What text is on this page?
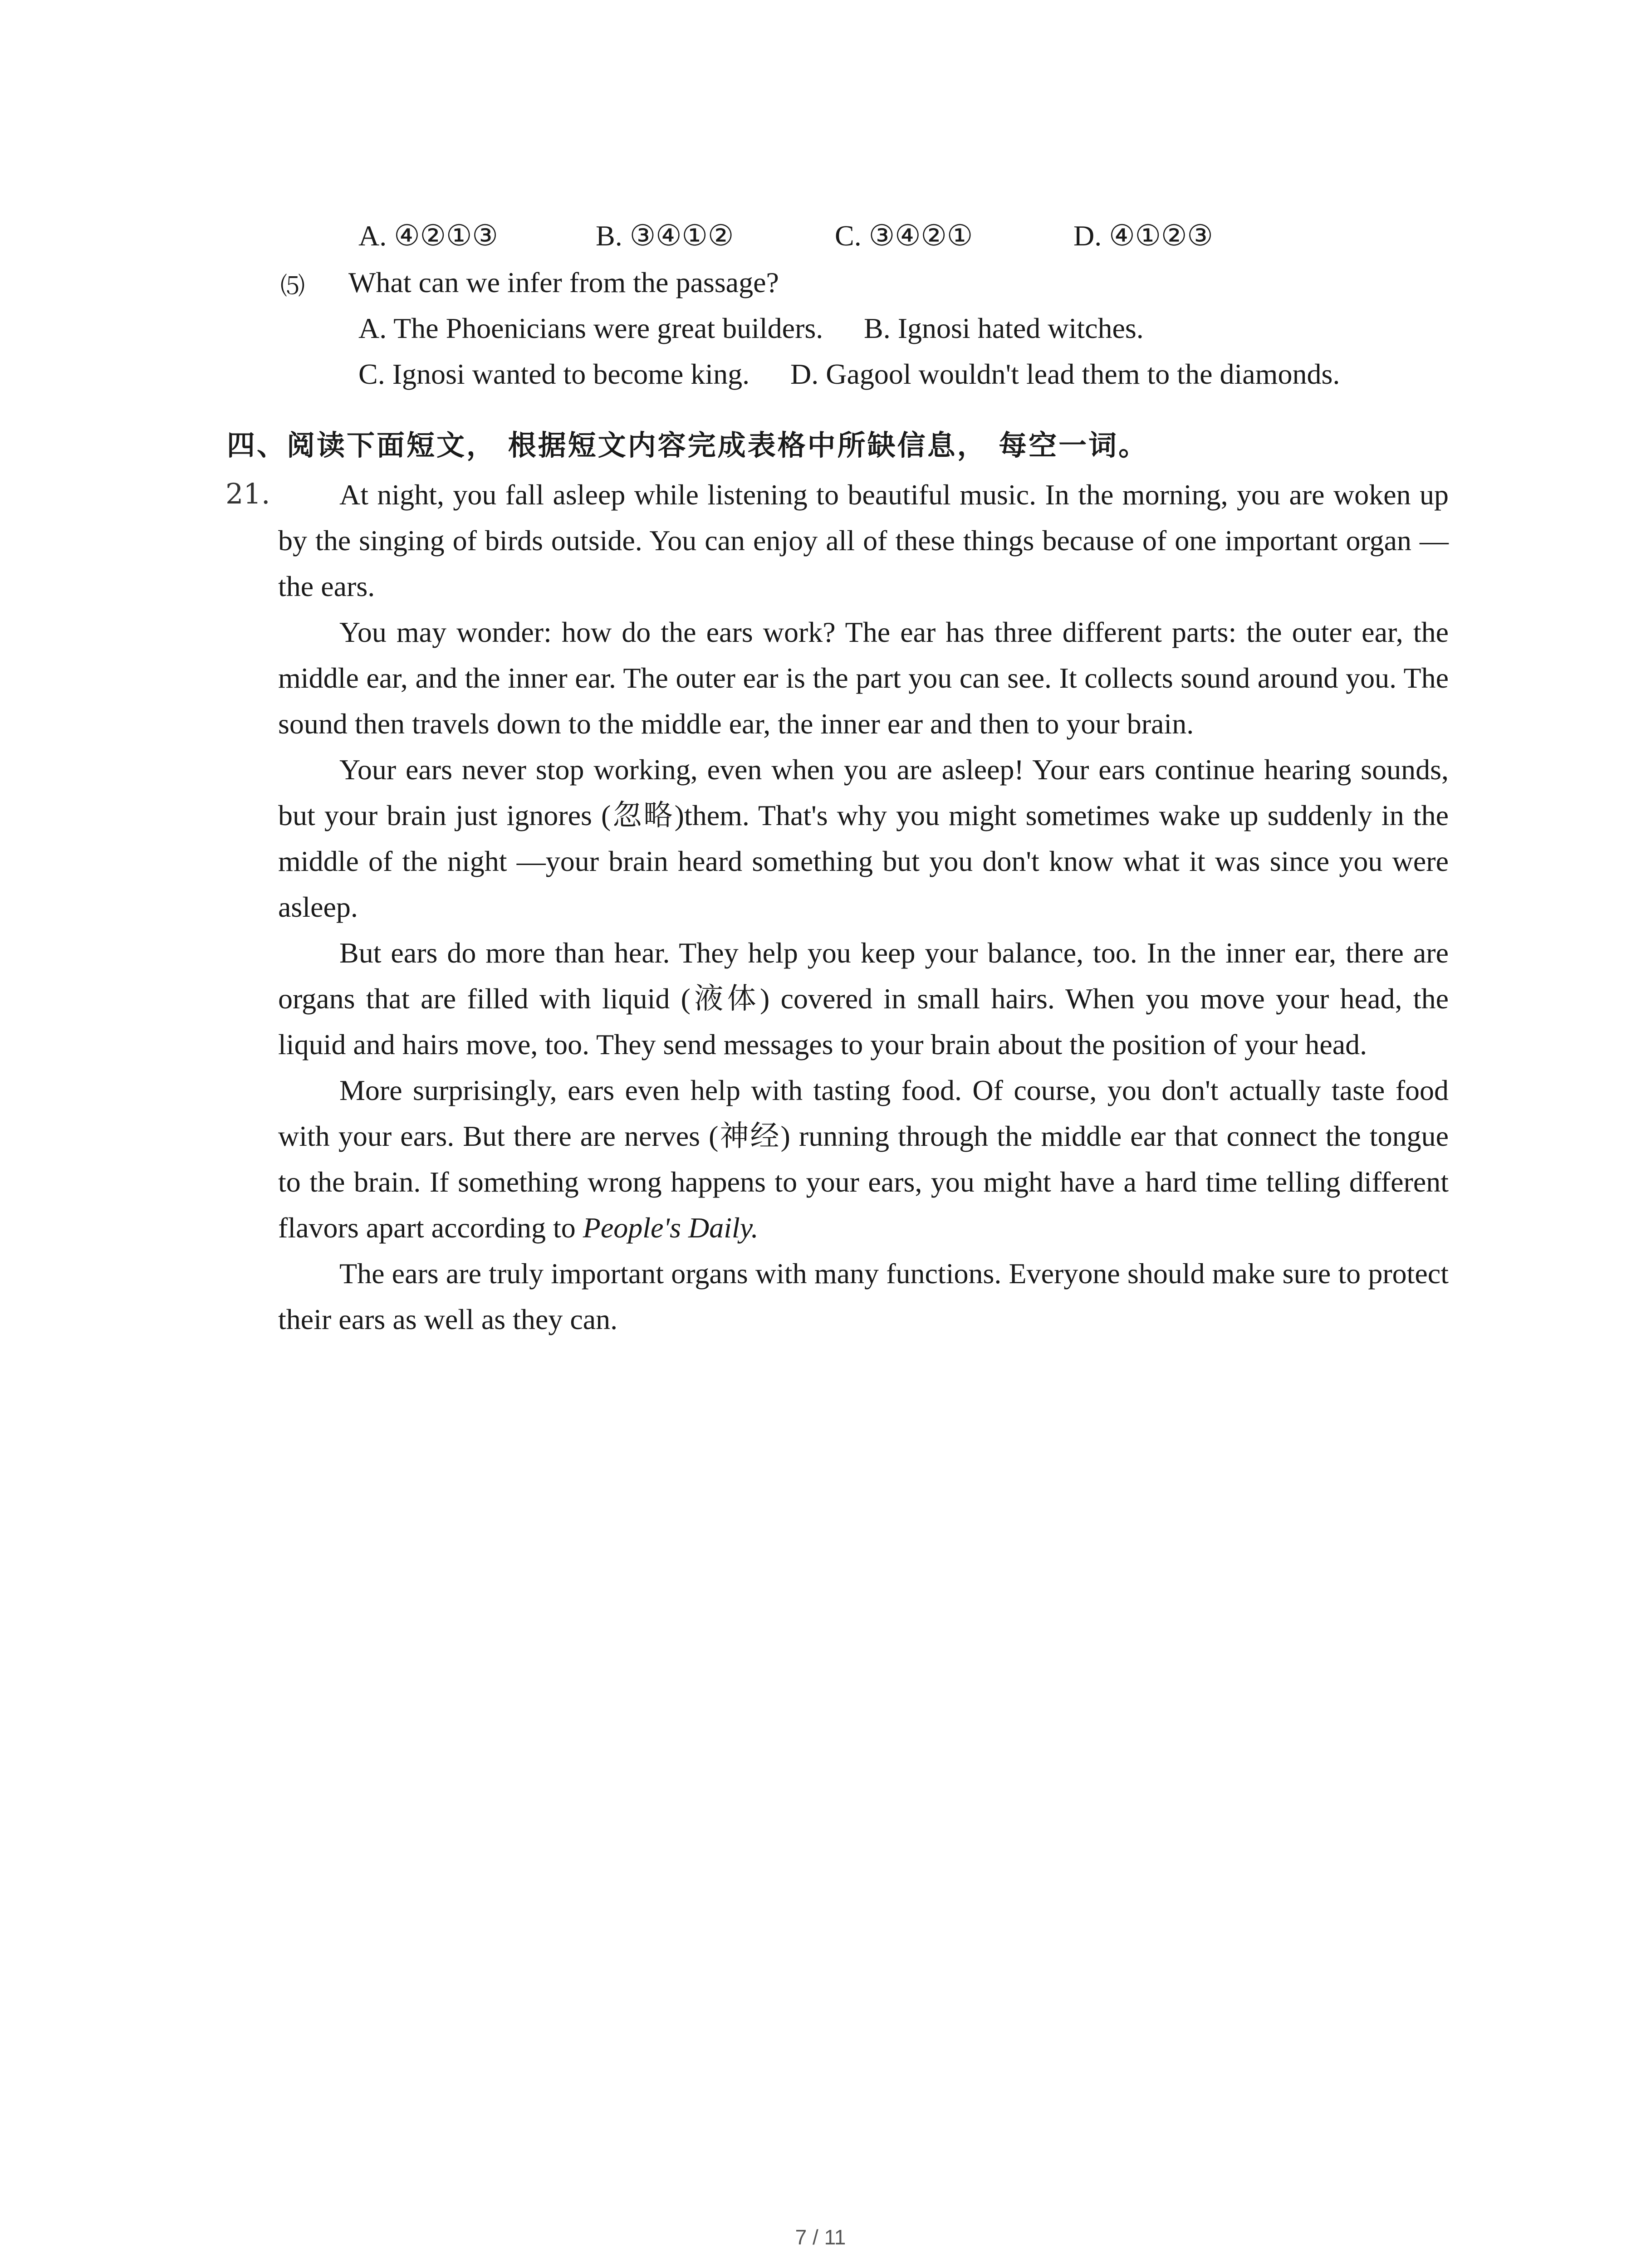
A. ④②①③	B. ③④①②	C. ③④②①	D. ④①②③
⑸ What can we infer from the passage?
A. The Phoenicians were great builders. B. Ignosi hated witches.
C. Ignosi wanted to become king. D. Gagool wouldn't lead them to the diamonds.
四、阅读下面短文， 根据短文内容完成表格中所缺信息， 每空一词。
21.	At night, you fall asleep while listening to beautiful music. In the morning, you are woken up by the singing of birds outside. You can enjoy all of these things because of one important organ — the ears.

You may wonder: how do the ears work? The ear has three different parts: the outer ear, the middle ear, and the inner ear. The outer ear is the part you can see. It collects sound around you. The sound then travels down to the middle ear, the inner ear and then to your brain.

Your ears never stop working, even when you are asleep! Your ears continue hearing sounds, but your brain just ignores (忽略)them. That's why you might sometimes wake up suddenly in the middle of the night —your brain heard something but you don't know what it was since you were asleep.

But ears do more than hear. They help you keep your balance, too. In the inner ear, there are organs that are filled with liquid (液体) covered in small hairs. When you move your head, the liquid and hairs move, too. They send messages to your brain about the position of your head.

More surprisingly, ears even help with tasting food. Of course, you don't actually taste food with your ears. But there are nerves (神经) running through the middle ear that connect the tongue to the brain. If something wrong happens to your ears, you might have a hard time telling different flavors apart according to People's Daily.

The ears are truly important organs with many functions. Everyone should make sure to protect their ears as well as they can.

7 / 11
